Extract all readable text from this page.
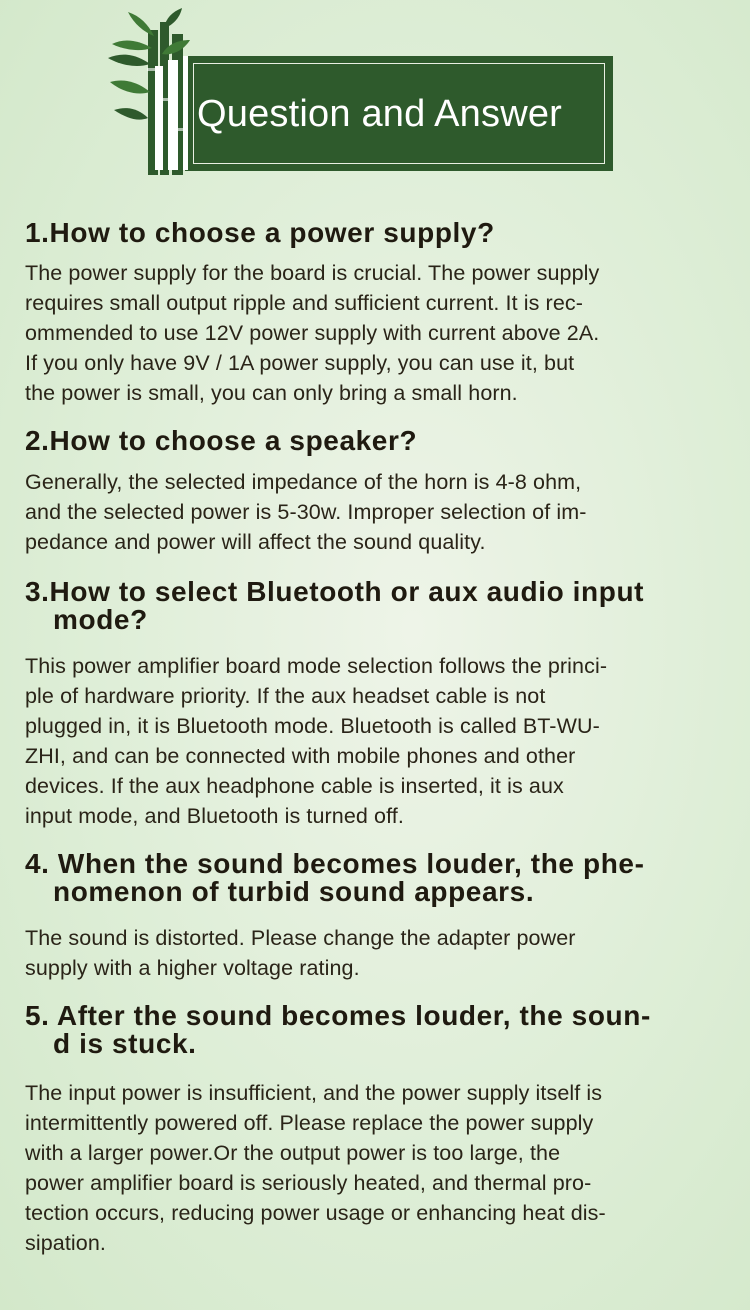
Question and Answer
1.How to choose a power supply?
The power supply for the board is crucial. The power supply
requires small output ripple and sufficient current. It is rec-
ommended to use 12V power supply with current above 2A.
If you only have 9V / 1A power supply, you can use it, but
the power is small, you can only bring a small horn.
2.How to choose a speaker?
Generally, the selected impedance of the horn is 4-8 ohm,
and the selected power is 5-30w. Improper selection of im-
pedance and power will affect the sound quality.
3.How to select Bluetooth or aux audio input
mode?
This power amplifier board mode selection follows the princi-
ple of hardware priority. If the aux headset cable is not
plugged in, it is Bluetooth mode. Bluetooth is called BT-WU-
ZHI, and can be connected with mobile phones and other
devices. If the aux headphone cable is inserted, it is aux
input mode, and Bluetooth is turned off.
4. When the sound becomes louder, the phe-
nomenon of turbid sound appears.
The sound is distorted. Please change the adapter power
supply with a higher voltage rating.
5. After the sound becomes louder, the soun-
d is stuck.
The input power is insufficient, and the power supply itself is
intermittently powered off. Please replace the power supply
with a larger power.Or the output power is too large, the
power amplifier board is seriously heated, and thermal pro-
tection occurs, reducing power usage or enhancing heat dis-
sipation.
